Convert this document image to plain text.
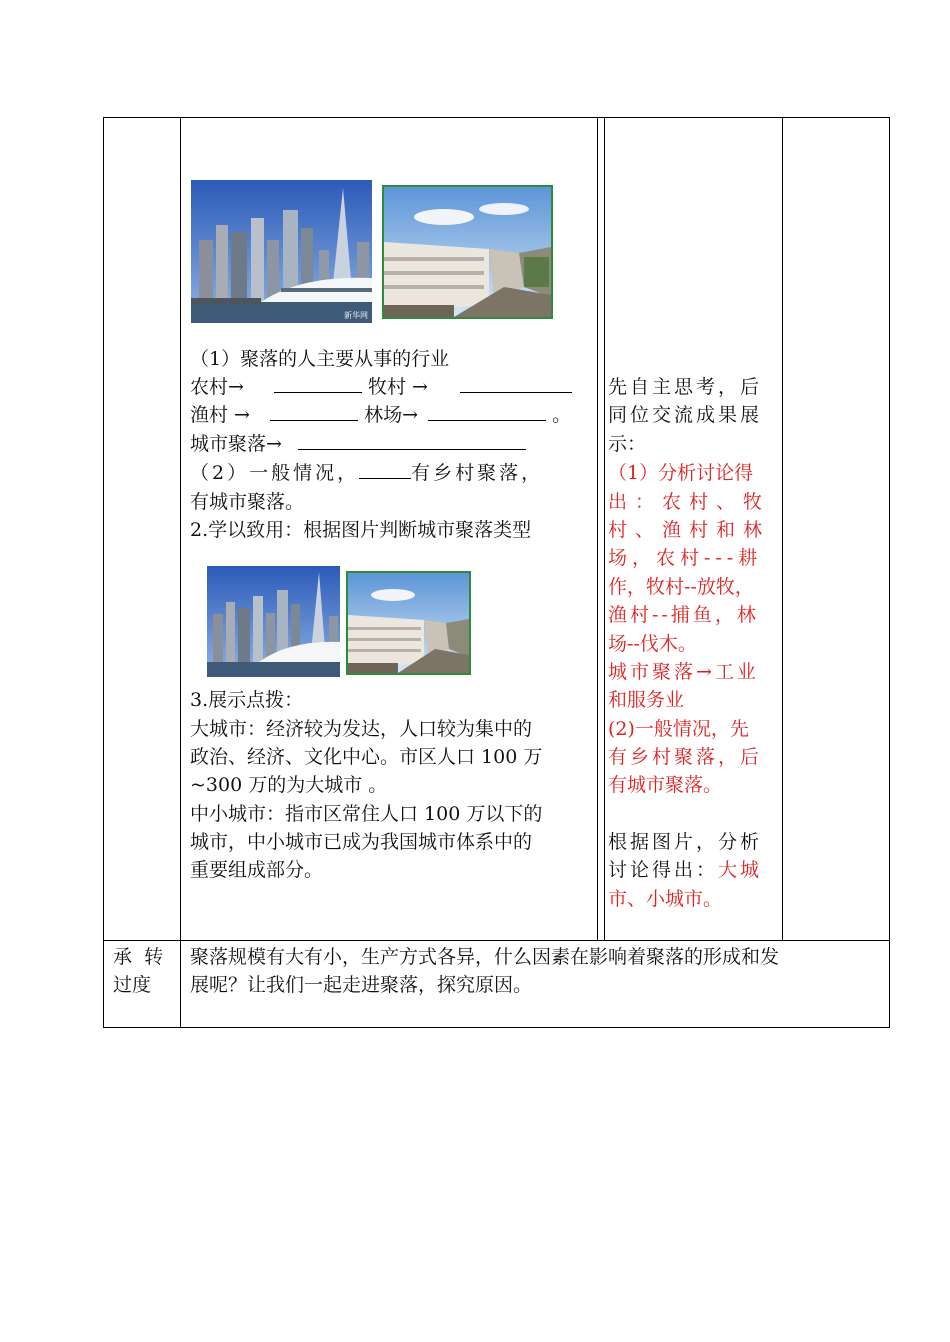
新华网
（1）聚落的人主要从事的行业
农村→	牧村 →
渔村 →	林场→	。
城市聚落→
（2）一般情况，	有乡村聚落，
有城市聚落。
2.学以致用：根据图片判断城市聚落类型
3.展示点拨：
大城市：经济较为发达，人口较为集中的
政治、经济、文化中心。市区人口 100 万
~300 万的为大城市 。
中小城市：指市区常住人口 100 万以下的
城市，中小城市已成为我国城市体系中的
重要组成部分。
先自主思考，后
同位交流成果展
示：
（1）分析讨论得
出：农村、牧
村、渔村和林
场，农村---耕
作，牧村--放牧，
渔村--捕鱼，林
场--伐木。
城市聚落→工业
和服务业
(2)一般情况，先
有乡村聚落，后
有城市聚落。
根据图片，分析
讨论得出：大城
市、小城市。
承  转
过度
聚落规模有大有小，生产方式各异，什么因素在影响着聚落的形成和发
展呢？让我们一起走进聚落，探究原因。
